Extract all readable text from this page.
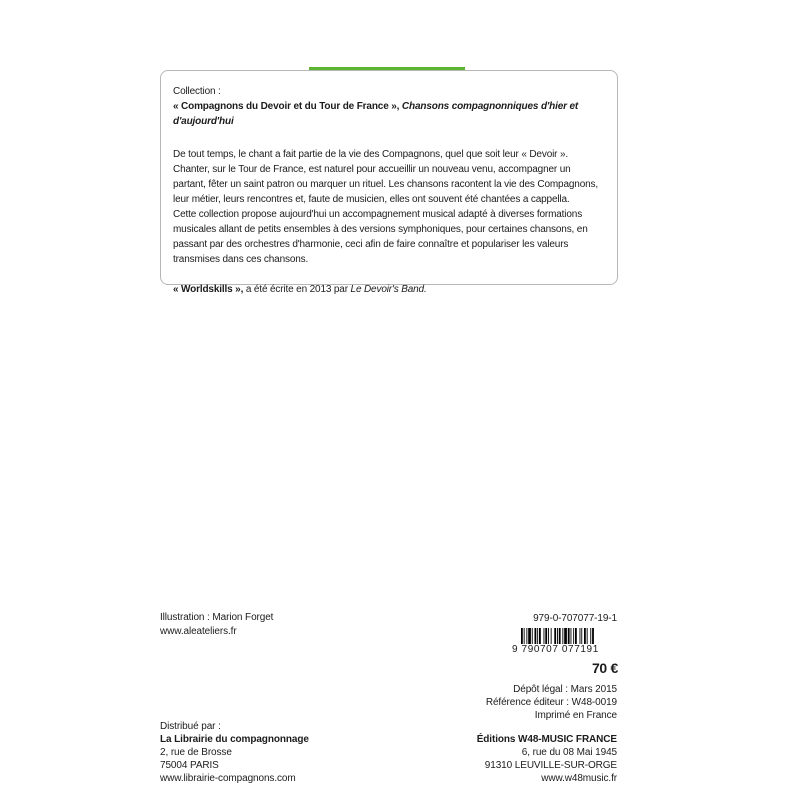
Collection :

« Compagnons du Devoir et du Tour de France », Chansons compagnonniques d'hier et d'aujourd'hui

De tout temps, le chant a fait partie de la vie des Compagnons, quel que soit leur « Devoir ». Chanter, sur le Tour de France, est naturel pour accueillir un nouveau venu, accompagner un partant, fêter un saint patron ou marquer un rituel. Les chansons racontent la vie des Compagnons, leur métier, leurs rencontres et, faute de musicien, elles ont souvent été chantées a cappella.

Cette collection propose aujourd'hui un accompagnement musical adapté à diverses formations musicales allant de petits ensembles à des versions symphoniques, pour certaines chansons, en passant par des orchestres d'harmonie, ceci afin de faire connaître et populariser les valeurs transmises dans ces chansons.

« Worldskills », a été écrite en 2013 par Le Devoir's Band.

Illustration : Marion Forget
www.aleateliers.fr
979-0-707077-19-1
9 790707 077191
70 €
Dépôt légal : Mars 2015
Référence éditeur : W48-0019
Imprimé en France
Distribué par :
La Librairie du compagnonnage
2, rue de Brosse
75004 PARIS
www.librairie-compagnons.com
Éditions W48-MUSIC FRANCE
6, rue du 08 Mai 1945
91310 LEUVILLE-SUR-ORGE
www.w48music.fr
